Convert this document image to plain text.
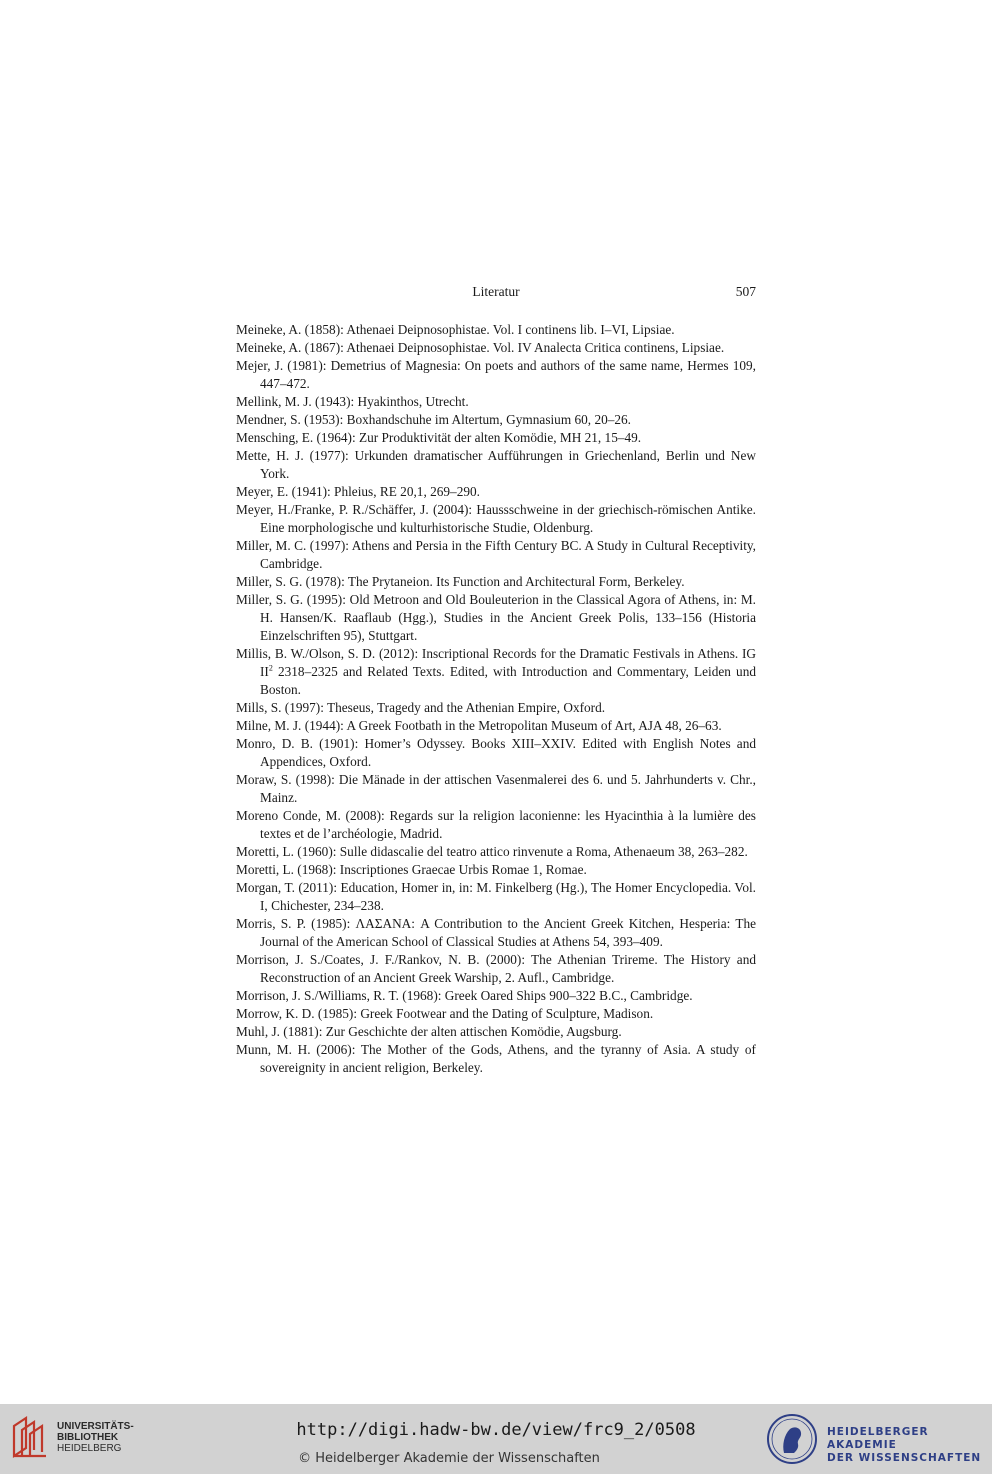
Literatur	507
Meineke, A. (1858): Athenaei Deipnosophistae. Vol. I continens lib. I–VI, Lipsiae.
Meineke, A. (1867): Athenaei Deipnosophistae. Vol. IV Analecta Critica continens, Lipsiae.
Mejer, J. (1981): Demetrius of Magnesia: On poets and authors of the same name, Hermes 109, 447–472.
Mellink, M. J. (1943): Hyakinthos, Utrecht.
Mendner, S. (1953): Boxhandschuhe im Altertum, Gymnasium 60, 20–26.
Mensching, E. (1964): Zur Produktivität der alten Komödie, MH 21, 15–49.
Mette, H. J. (1977): Urkunden dramatischer Aufführungen in Griechenland, Berlin und New York.
Meyer, E. (1941): Phleius, RE 20,1, 269–290.
Meyer, H./Franke, P. R./Schäffer, J. (2004): Haussschweine in der griechisch-römischen Antike. Eine morphologische und kulturhistorische Studie, Oldenburg.
Miller, M. C. (1997): Athens and Persia in the Fifth Century BC. A Study in Cultural Receptivity, Cambridge.
Miller, S. G. (1978): The Prytaneion. Its Function and Architectural Form, Berkeley.
Miller, S. G. (1995): Old Metroon and Old Bouleuterion in the Classical Agora of Athens, in: M. H. Hansen/K. Raaflaub (Hgg.), Studies in the Ancient Greek Polis, 133–156 (Historia Einzelschriften 95), Stuttgart.
Millis, B. W./Olson, S. D. (2012): Inscriptional Records for the Dramatic Festivals in Athens. IG $II^2$ 2318–2325 and Related Texts. Edited, with Introduction and Commentary, Leiden und Boston.
Mills, S. (1997): Theseus, Tragedy and the Athenian Empire, Oxford.
Milne, M. J. (1944): A Greek Footbath in the Metropolitan Museum of Art, AJA 48, 26–63.
Monro, D. B. (1901): Homer’s Odyssey. Books XIII–XXIV. Edited with English Notes and Appendices, Oxford.
Moraw, S. (1998): Die Mänade in der attischen Vasenmalerei des 6. und 5. Jahrhunderts v. Chr., Mainz.
Moreno Conde, M. (2008): Regards sur la religion laconienne: les Hyacinthia à la lumière des textes et de l’archéologie, Madrid.
Moretti, L. (1960): Sulle didascalie del teatro attico rinvenute a Roma, Athenaeum 38, 263–282.
Moretti, L. (1968): Inscriptiones Graecae Urbis Romae 1, Romae.
Morgan, T. (2011): Education, Homer in, in: M. Finkelberg (Hg.), The Homer Encyclopedia. Vol. I, Chichester, 234–238.
Morris, S. P. (1985): ΛΑΣΑΝΑ: A Contribution to the Ancient Greek Kitchen, Hesperia: The Journal of the American School of Classical Studies at Athens 54, 393–409.
Morrison, J. S./Coates, J. F./Rankov, N. B. (2000): The Athenian Trireme. The History and Reconstruction of an Ancient Greek Warship, 2. Aufl., Cambridge.
Morrison, J. S./Williams, R. T. (1968): Greek Oared Ships 900–322 B.C., Cambridge.
Morrow, K. D. (1985): Greek Footwear and the Dating of Sculpture, Madison.
Muhl, J. (1881): Zur Geschichte der alten attischen Komödie, Augsburg.
Munn, M. H. (2006): The Mother of the Gods, Athens, and the tyranny of Asia. A study of sovereignity in ancient religion, Berkeley.
UNIVERSITÄTS-
BIBLIOTHEK
HEIDELBERG
http://digi.hadw-bw.de/view/frc9_2/0508
© Heidelberger Akademie der Wissenschaften
HEIDELBERGER AKADEMIE
DER WISSENSCHAFTEN
